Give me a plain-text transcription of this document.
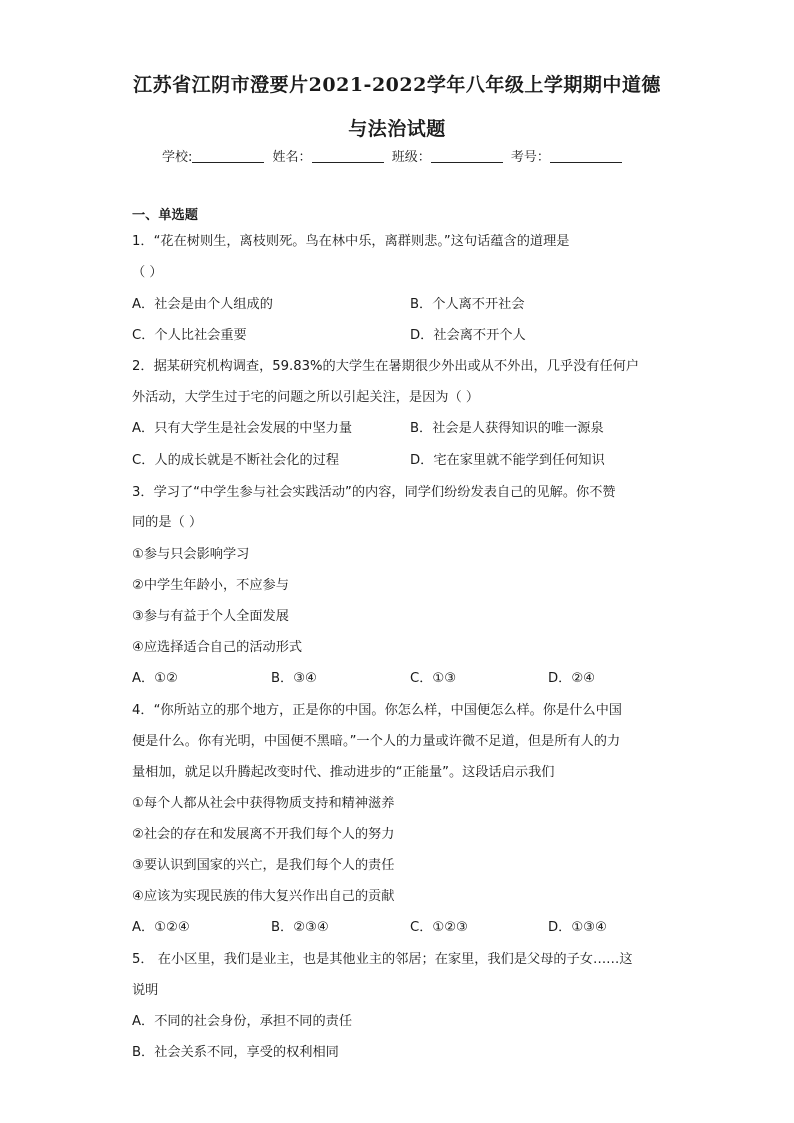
江苏省江阴市澄要片2021-2022学年八年级上学期期中道德
与法治试题
学校:	姓名：	班级：	考号：
一、单选题
1．“花在树则生，离枝则死。鸟在林中乐，离群则悲。”这句话蕴含的道理是
（ ）
A．社会是由个人组成的	B．个人离不开社会
C．个人比社会重要	D．社会离不开个人
2．据某研究机构调查，59.83%的大学生在暑期很少外出或从不外出，几乎没有任何户
外活动，大学生过于宅的问题之所以引起关注，是因为（ ）
A．只有大学生是社会发展的中坚力量	B．社会是人获得知识的唯一源泉
C．人的成长就是不断社会化的过程	D．宅在家里就不能学到任何知识
3．学习了“中学生参与社会实践活动”的内容，同学们纷纷发表自己的见解。你不赞
同的是（ ）
①参与只会影响学习
②中学生年龄小，不应参与
③参与有益于个人全面发展
④应选择适合自己的活动形式
A．①②	B．③④	C．①③	D．②④
4．“你所站立的那个地方，正是你的中国。你怎么样，中国便怎么样。你是什么中国
便是什么。你有光明，中国便不黑暗。”一个人的力量或许微不足道，但是所有人的力
量相加，就足以升腾起改变时代、推动进步的“正能量”。这段话启示我们
①每个人都从社会中获得物质支持和精神滋养
②社会的存在和发展离不开我们每个人的努力
③要认识到国家的兴亡，是我们每个人的责任
④应该为实现民族的伟大复兴作出自己的贡献
A．①②④	B．②③④	C．①②③	D．①③④
5． 在小区里，我们是业主，也是其他业主的邻居；在家里，我们是父母的子女……这
说明
A．不同的社会身份，承担不同的责任
B．社会关系不同，享受的权利相同
